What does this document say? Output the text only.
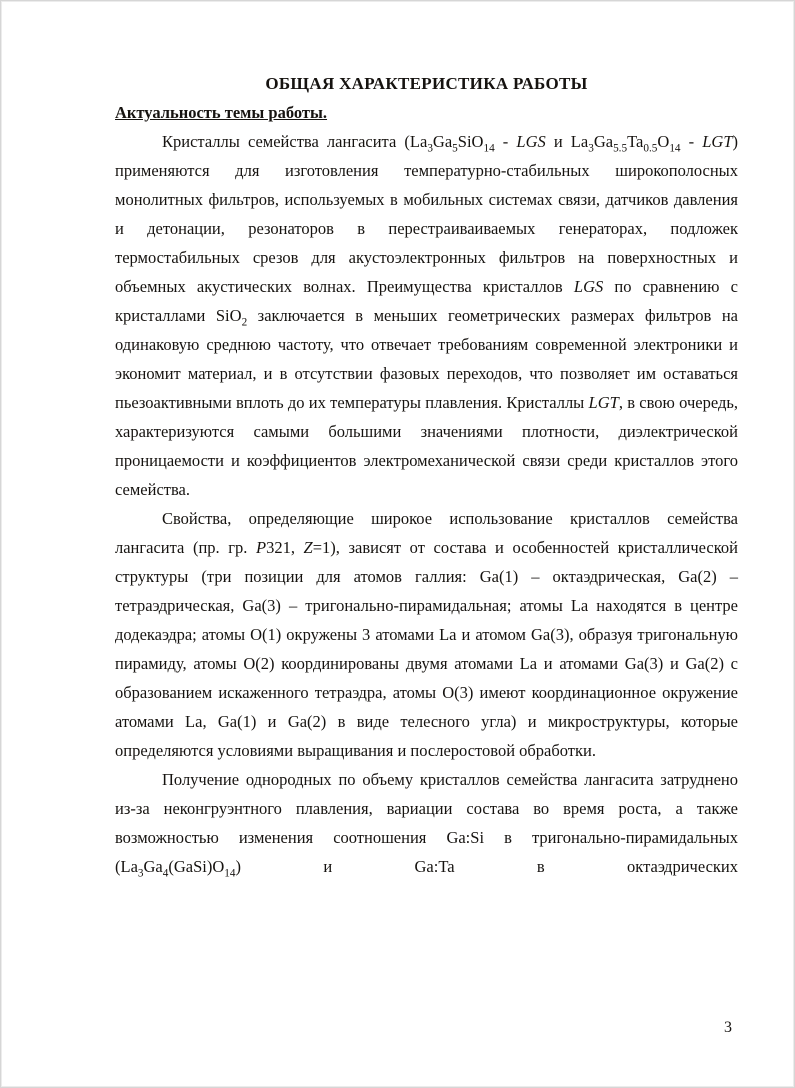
ОБЩАЯ ХАРАКТЕРИСТИКА РАБОТЫ
Актуальность темы работы.

Кристаллы семейства лангасита ($La_3Ga_5SiO_{14}$ - LGS и $La_3Ga_{5.5}Ta_{0.5}O_{14} - LGT$) применяются для изготовления температурно-стабильных широкополосных монолитных фильтров, используемых в мобильных системах связи, датчиков давления и детонации, резонаторов в перестраиваиваемых генераторах, подложек термостабильных срезов для акустоэлектронных фильтров на поверхностных и объемных акустических волнах. Преимущества кристаллов LGS по сравнению с кристаллами SiO$_2$ заключается в меньших геометрических размерах фильтров на одинаковую среднюю частоту, что отвечает требованиям современной электроники и экономит материал, и в отсутствии фазовых переходов, что позволяет им оставаться пьезоактивными вплоть до их температуры плавления. Кристаллы LGT, в свою очередь, характеризуются самыми большими значениями плотности, диэлектрической проницаемости и коэффициентов электромеханической связи среди кристаллов этого семейства.

Свойства, определяющие широкое использование кристаллов семейства лангасита (пр. гр. P321, Z=1), зависят от состава и особенностей кристаллической структуры (три позиции для атомов галлия: Ga(1) – октаэдрическая, Ga(2) – тетраэдрическая, Ga(3) – тригонально-пирамидальная; атомы La находятся в центре додекаэдра; атомы O(1) окружены 3 атомами La и атомом Ga(3), образуя тригональную пирамиду, атомы O(2) координированы двумя атомами La и атомами Ga(3) и Ga(2) с образованием искаженного тетраэдра, атомы O(3) имеют координационное окружение атомами La, Ga(1) и Ga(2) в виде телесного угла) и микроструктуры, которые определяются условиями выращивания и послеростовой обработки.

Получение однородных по объему кристаллов семейства лангасита затруднено из-за неконгруэнтного плавления, вариации состава во время роста, а также возможностью изменения соотношения Ga:Si в тригонально-пирамидальных $(La_3Ga_4(GaSi)O_{14})$ и Ga:Ta в октаэдрических

3
